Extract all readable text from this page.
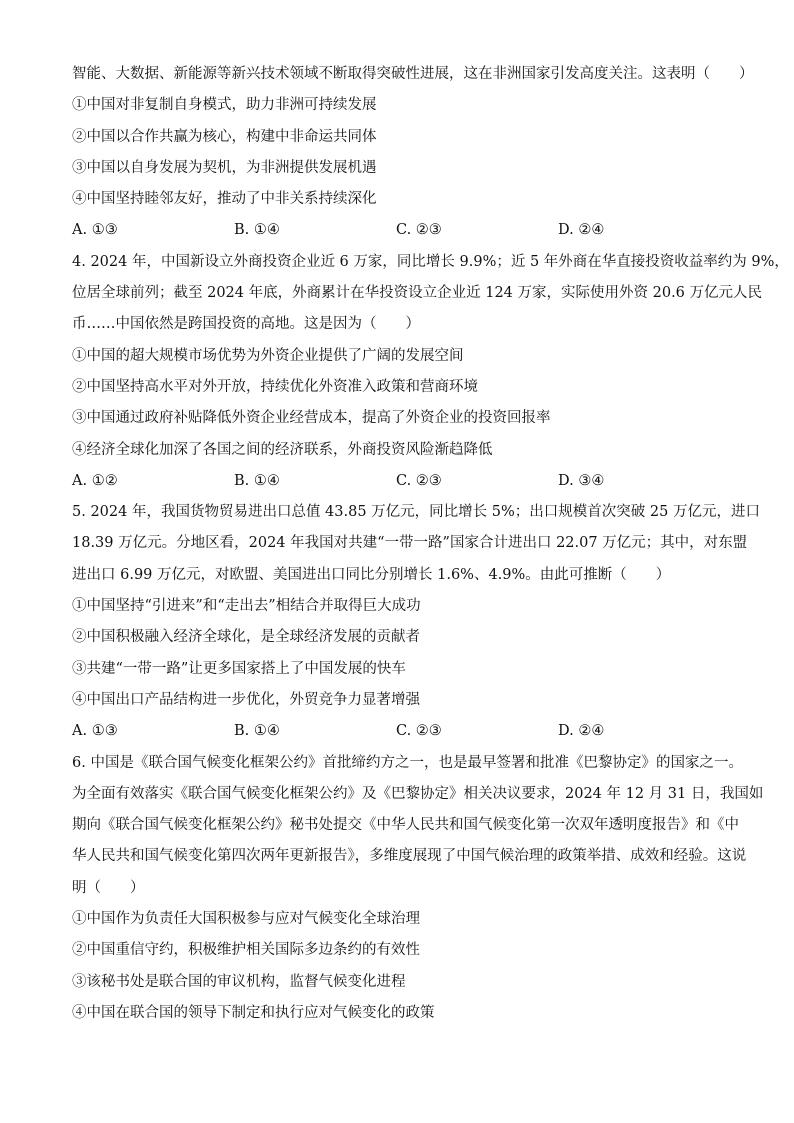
智能、大数据、新能源等新兴技术领域不断取得突破性进展，这在非洲国家引发高度关注。这表明（　　）
①中国对非复制自身模式，助力非洲可持续发展
②中国以合作共赢为核心，构建中非命运共同体
③中国以自身发展为契机，为非洲提供发展机遇
④中国坚持睦邻友好，推动了中非关系持续深化
A. ①③	B. ①④	C. ②③	D. ②④
4. 2024 年，中国新设立外商投资企业近 6 万家，同比增长 9.9%；近 5 年外商在华直接投资收益率约为 9%，
位居全球前列；截至 2024 年底，外商累计在华投资设立企业近 124 万家，实际使用外资 20.6 万亿元人民
币……中国依然是跨国投资的高地。这是因为（　　）
①中国的超大规模市场优势为外资企业提供了广阔的发展空间
②中国坚持高水平对外开放，持续优化外资准入政策和营商环境
③中国通过政府补贴降低外资企业经营成本，提高了外资企业的投资回报率
④经济全球化加深了各国之间的经济联系，外商投资风险渐趋降低
A. ①②	B. ①④	C. ②③	D. ③④
5. 2024 年，我国货物贸易进出口总值 43.85 万亿元，同比增长 5%；出口规模首次突破 25 万亿元，进口
18.39 万亿元。分地区看，2024 年我国对共建“一带一路”国家合计进出口 22.07 万亿元；其中，对东盟
进出口 6.99 万亿元，对欧盟、美国进出口同比分别增长 1.6%、4.9%。由此可推断（　　）
①中国坚持“引进来”和“走出去”相结合并取得巨大成功
②中国积极融入经济全球化，是全球经济发展的贡献者
③共建“一带一路”让更多国家搭上了中国发展的快车
④中国出口产品结构进一步优化，外贸竞争力显著增强
A. ①③	B. ①④	C. ②③	D. ②④
6. 中国是《联合国气候变化框架公约》首批缔约方之一，也是最早签署和批准《巴黎协定》的国家之一。
为全面有效落实《联合国气候变化框架公约》及《巴黎协定》相关决议要求，2024 年 12 月 31 日，我国如
期向《联合国气候变化框架公约》秘书处提交《中华人民共和国气候变化第一次双年透明度报告》和《中
华人民共和国气候变化第四次两年更新报告》，多维度展现了中国气候治理的政策举措、成效和经验。这说
明（　　）
①中国作为负责任大国积极参与应对气候变化全球治理
②中国重信守约，积极维护相关国际多边条约的有效性
③该秘书处是联合国的审议机构，监督气候变化进程
④中国在联合国的领导下制定和执行应对气候变化的政策
